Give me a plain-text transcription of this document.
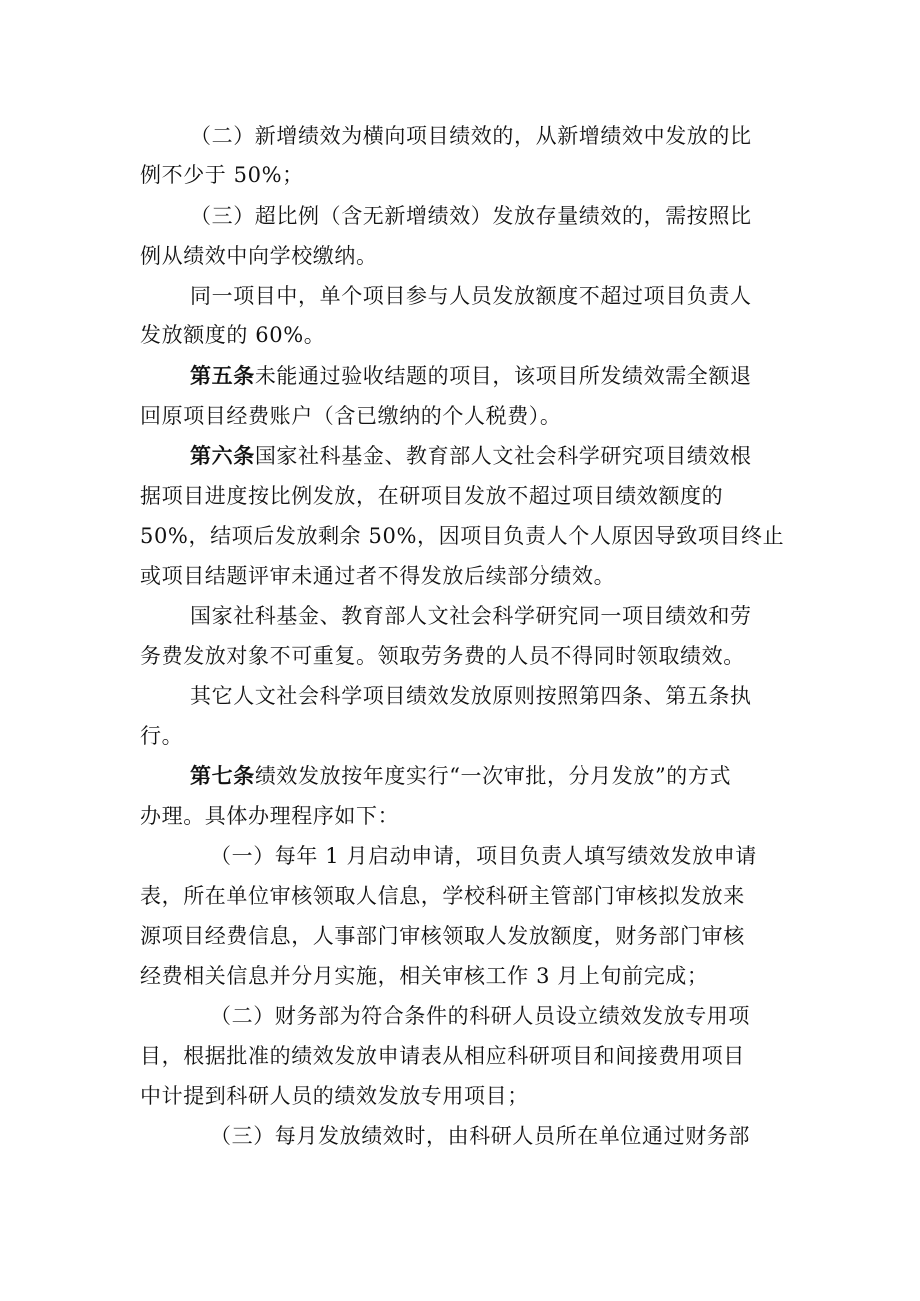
（二）新增绩效为横向项目绩效的，从新增绩效中发放的比
例不少于 50%；
（三）超比例（含无新增绩效）发放存量绩效的，需按照比
例从绩效中向学校缴纳。
同一项目中，单个项目参与人员发放额度不超过项目负责人
发放额度的 60%。
第五条未能通过验收结题的项目，该项目所发绩效需全额退
回原项目经费账户（含已缴纳的个人税费）。
第六条国家社科基金、教育部人文社会科学研究项目绩效根
据项目进度按比例发放，在研项目发放不超过项目绩效额度的
50%，结项后发放剩余 50%，因项目负责人个人原因导致项目终止
或项目结题评审未通过者不得发放后续部分绩效。
国家社科基金、教育部人文社会科学研究同一项目绩效和劳
务费发放对象不可重复。领取劳务费的人员不得同时领取绩效。
其它人文社会科学项目绩效发放原则按照第四条、第五条执
行。
第七条绩效发放按年度实行“一次审批，分月发放”的方式
办理。具体办理程序如下：
（一）每年 1 月启动申请，项目负责人填写绩效发放申请
表，所在单位审核领取人信息，学校科研主管部门审核拟发放来
源项目经费信息，人事部门审核领取人发放额度，财务部门审核
经费相关信息并分月实施，相关审核工作 3 月上旬前完成；
（二）财务部为符合条件的科研人员设立绩效发放专用项
目，根据批准的绩效发放申请表从相应科研项目和间接费用项目
中计提到科研人员的绩效发放专用项目；
（三）每月发放绩效时，由科研人员所在单位通过财务部
